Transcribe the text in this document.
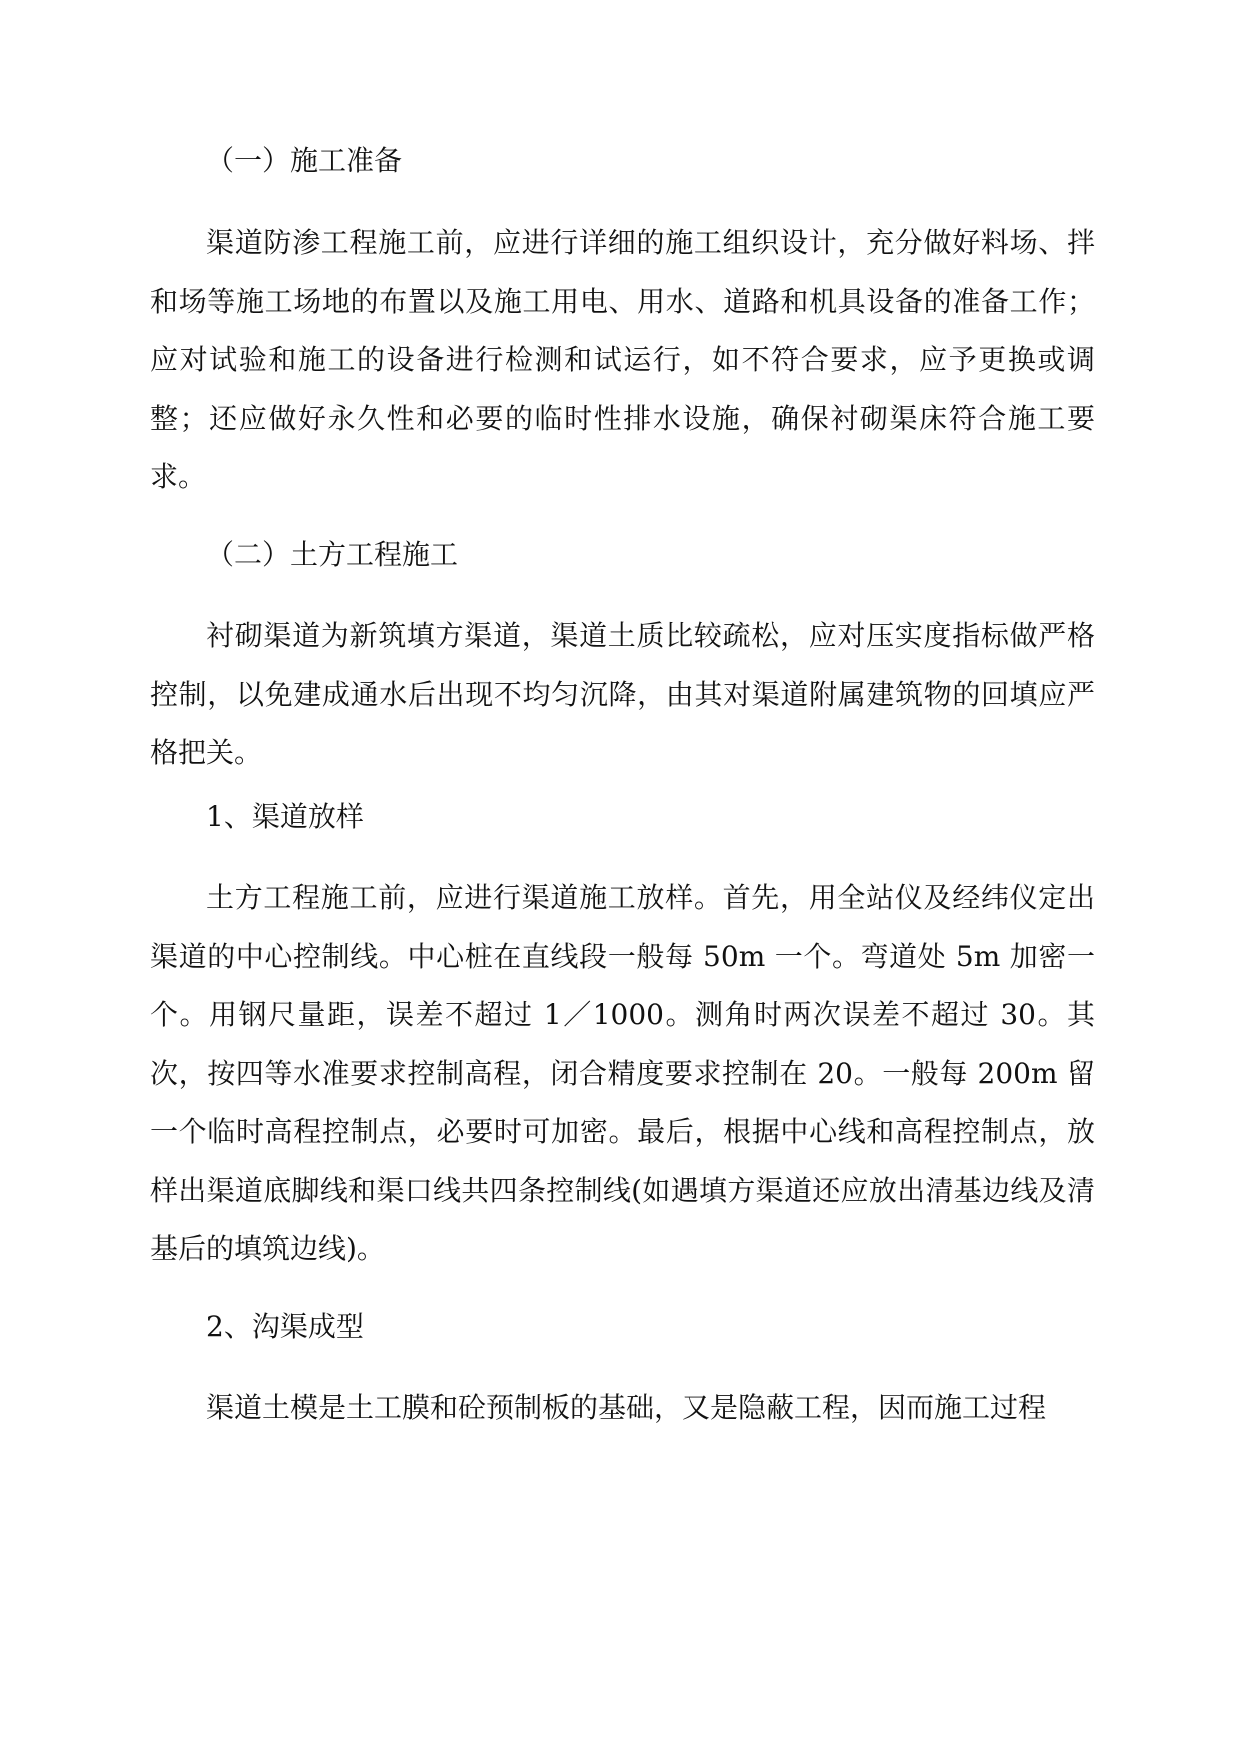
（一）施工准备
渠道防渗工程施工前，应进行详细的施工组织设计，充分做好料场、拌和场等施工场地的布置以及施工用电、用水、道路和机具设备的准备工作；应对试验和施工的设备进行检测和试运行，如不符合要求，应予更换或调整；还应做好永久性和必要的临时性排水设施，确保衬砌渠床符合施工要求。
（二）土方工程施工
衬砌渠道为新筑填方渠道，渠道土质比较疏松，应对压实度指标做严格控制，以免建成通水后出现不均匀沉降，由其对渠道附属建筑物的回填应严格把关。
1、渠道放样
土方工程施工前，应进行渠道施工放样。首先，用全站仪及经纬仪定出渠道的中心控制线。中心桩在直线段一般每 50m 一个。弯道处 5m 加密一个。用钢尺量距，误差不超过 1／1000。测角时两次误差不超过 30。其次，按四等水准要求控制高程，闭合精度要求控制在 20。一般每 200m 留一个临时高程控制点，必要时可加密。最后，根据中心线和高程控制点，放样出渠道底脚线和渠口线共四条控制线(如遇填方渠道还应放出清基边线及清基后的填筑边线)。
2、沟渠成型
渠道土模是土工膜和砼预制板的基础，又是隐蔽工程，因而施工过程
